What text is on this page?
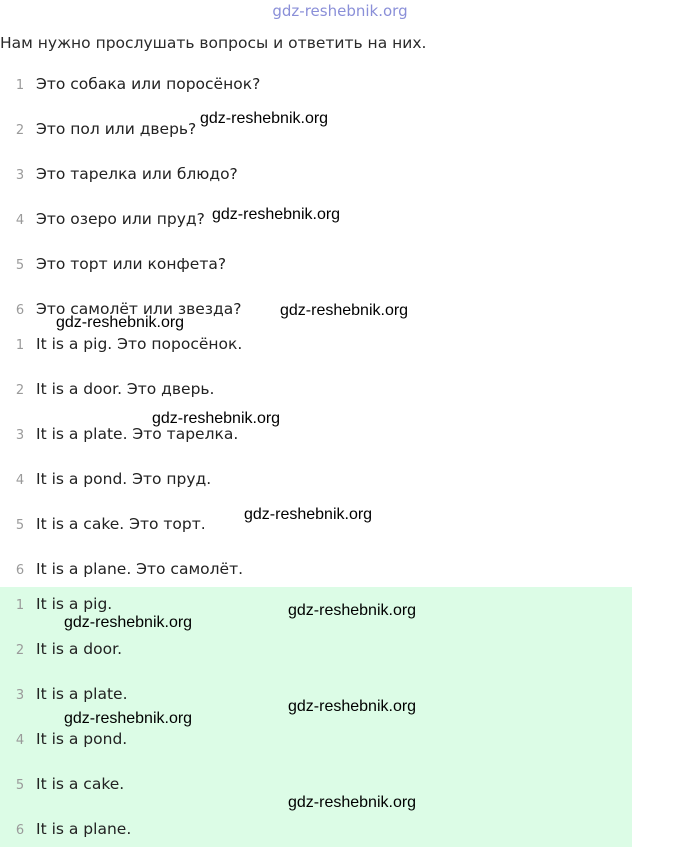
gdz-reshebnik.org
Нам нужно прослушать вопросы и ответить на них.
1 Это собака или поросёнок?
2 Это пол или дверь?
3 Это тарелка или блюдо?
4 Это озеро или пруд?
5 Это торт или конфета?
6 Это самолёт или звезда?
1 It is a pig. Это поросёнок.
2 It is a door. Это дверь.
3 It is a plate. Это тарелка.
4 It is a pond. Это пруд.
5 It is a cake. Это торт.
6 It is a plane. Это самолёт.
1 It is a pig.
2 It is a door.
3 It is a plate.
4 It is a pond.
5 It is a cake.
6 It is a plane.
gdz-reshebnik.org
gdz-reshebnik.org
gdz-reshebnik.org
gdz-reshebnik.org
gdz-reshebnik.org
gdz-reshebnik.org
gdz-reshebnik.org
gdz-reshebnik.org
gdz-reshebnik.org
gdz-reshebnik.org
gdz-reshebnik.org
